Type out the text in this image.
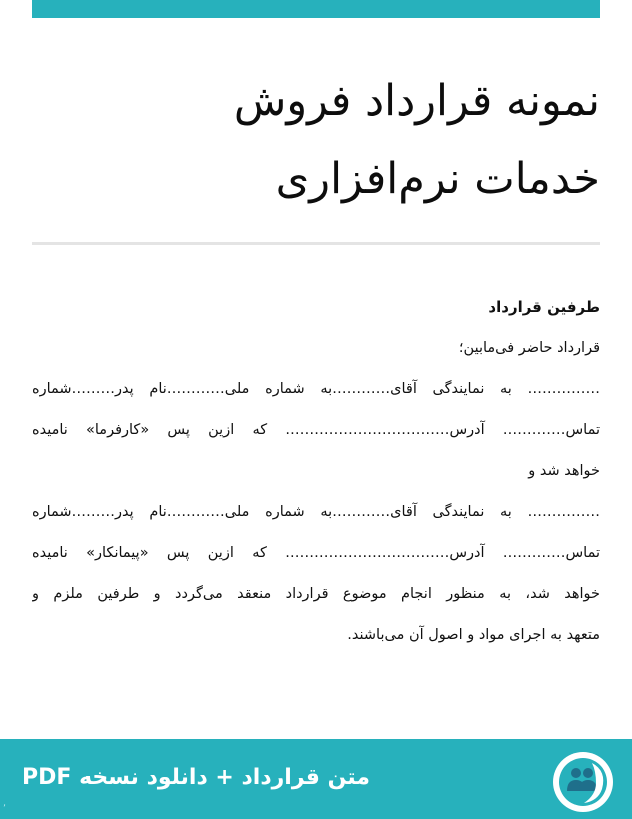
نمونه قرارداد فروش
خدمات نرم‌افزاری
طرفین قرارداد
قرارداد حاضر فی‌مابین؛
…………… به نمایندگی آقای…………به شماره ملی…………نام پدر………شماره
تماس…………. آدرس……………………………. که ازین پس «کارفرما» نامیده
خواهد شد و
…………… به نمایندگی آقای…………به شماره ملی…………نام پدر………شماره
تماس…………. آدرس……………………………. که ازین پس «پیمانکار» نامیده
خواهد شد، به منظور انجام موضوع قرارداد منعقد می‌گردد و طرفین ملزم و
متعهد به اجرای مواد و اصول آن می‌باشند.
متن قرارداد + دانلود نسخه PDF
٬
